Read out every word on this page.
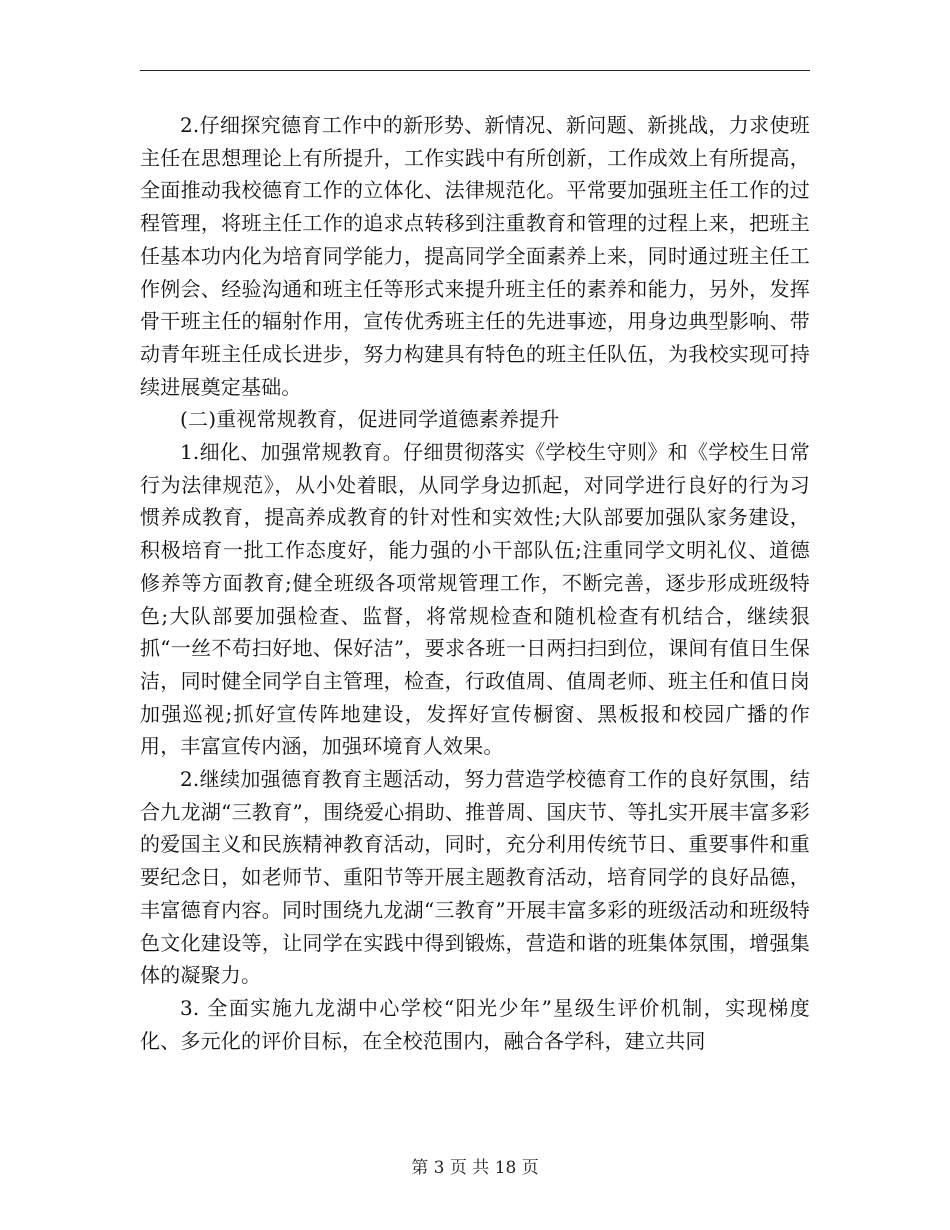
2.仔细探究德育工作中的新形势、新情况、新问题、新挑战，力求使班主任在思想理论上有所提升，工作实践中有所创新，工作成效上有所提高，全面推动我校德育工作的立体化、法律规范化。平常要加强班主任工作的过程管理，将班主任工作的追求点转移到注重教育和管理的过程上来，把班主任基本功内化为培育同学能力，提高同学全面素养上来，同时通过班主任工作例会、经验沟通和班主任等形式来提升班主任的素养和能力，另外，发挥骨干班主任的辐射作用，宣传优秀班主任的先进事迹，用身边典型影响、带动青年班主任成长进步，努力构建具有特色的班主任队伍，为我校实现可持续进展奠定基础。

(二)重视常规教育，促进同学道德素养提升

1.细化、加强常规教育。仔细贯彻落实《学校生守则》和《学校生日常行为法律规范》，从小处着眼，从同学身边抓起，对同学进行良好的行为习惯养成教育，提高养成教育的针对性和实效性;大队部要加强队家务建设，积极培育一批工作态度好，能力强的小干部队伍;注重同学文明礼仪、道德修养等方面教育;健全班级各项常规管理工作，不断完善，逐步形成班级特色;大队部要加强检查、监督，将常规检查和随机检查有机结合，继续狠抓“一丝不苟扫好地、保好洁”，要求各班一日两扫扫到位，课间有值日生保洁，同时健全同学自主管理，检查，行政值周、值周老师、班主任和值日岗加强巡视;抓好宣传阵地建设，发挥好宣传橱窗、黑板报和校园广播的作用，丰富宣传内涵，加强环境育人效果。

2.继续加强德育教育主题活动，努力营造学校德育工作的良好氛围，结合九龙湖“三教育”，围绕爱心捐助、推普周、国庆节、等扎实开展丰富多彩的爱国主义和民族精神教育活动，同时，充分利用传统节日、重要事件和重要纪念日，如老师节、重阳节等开展主题教育活动，培育同学的良好品德，丰富德育内容。同时围绕九龙湖“三教育”开展丰富多彩的班级活动和班级特色文化建设等，让同学在实践中得到锻炼，营造和谐的班集体氛围，增强集体的凝聚力。

3. 全面实施九龙湖中心学校“阳光少年”星级生评价机制，实现梯度化、多元化的评价目标，在全校范围内，融合各学科，建立共同

第 3 页 共 18 页
